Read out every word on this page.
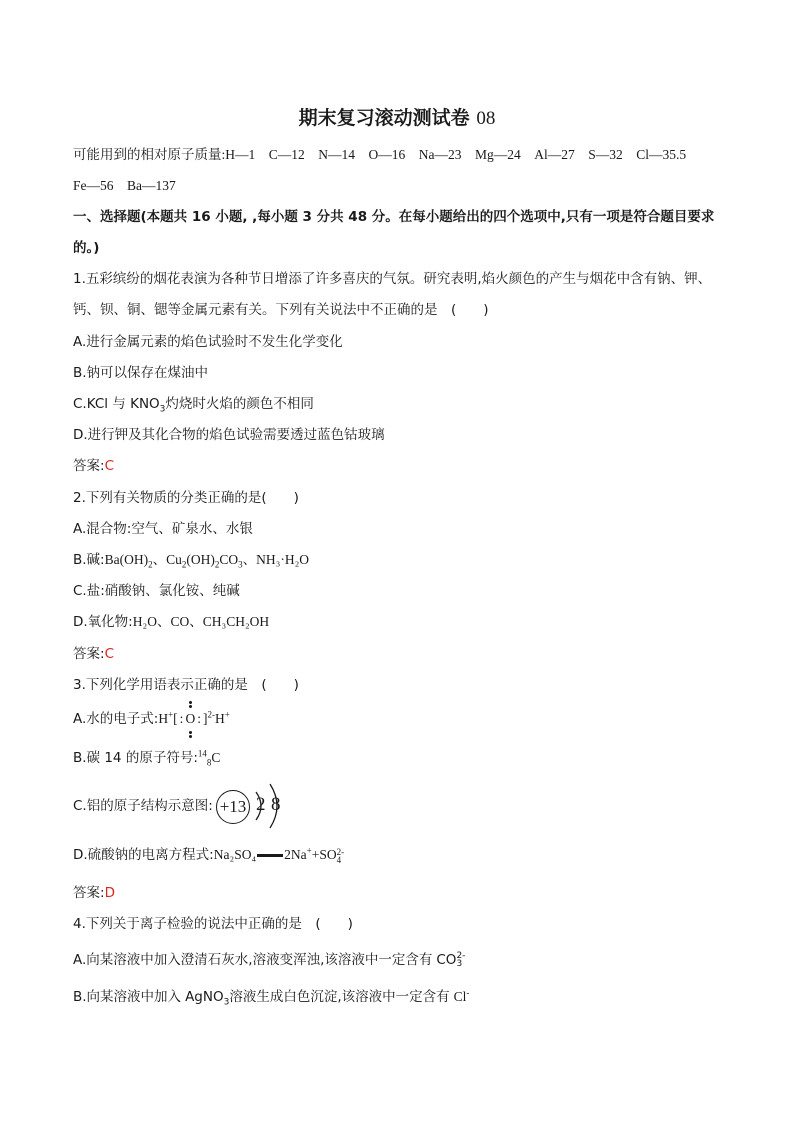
期末复习滚动测试卷 08
可能用到的相对原子质量:H—1　C—12　N—14　O—16　Na—23　Mg—24　Al—27　S—32　Cl—35.5
Fe—56　Ba—137
一、选择题(本题共 16 小题, ,每小题 3 分共 48 分。在每小题给出的四个选项中,只有一项是符合题目要求
的。)
1.五彩缤纷的烟花表演为各种节日增添了许多喜庆的气氛。研究表明,焰火颜色的产生与烟花中含有钠、钾、
钙、钡、铜、锶等金属元素有关。下列有关说法中不正确的是　(　　)
A.进行金属元素的焰色试验时不发生化学变化
B.钠可以保存在煤油中
C.KCl 与 $KNO_3$灼烧时火焰的颜色不相同
D.进行钾及其化合物的焰色试验需要透过蓝色钴玻璃
答案:C
2.下列有关物质的分类正确的是(　　)
A.混合物:空气、矿泉水、水银
B.碱$:Ba(OH)_2$、$Cu_2(OH)_2CO_3$、NH₃·H₂O
C.盐:硝酸钠、氯化铵、纯碱
D.氧化物:H₂O、CO、CH₃CH₂OH
答案:C
3.下列化学用语表示正确的是　(　　)
A.水的电子式:H+[ : O : ]$^{2-}$H+
B.碳 14 的原子符号:$^{14}_8$C
C.铝的原子结构示意图: +13 2 8
D.硫酸钠的电离方程式:Na₂SO₄ 2Na++SO2-
4
答案:D
4.下列关于离子检验的说法中正确的是　(　　)
A.向某溶液中加入澄清石灰水,溶液变浑浊,该溶液中一定含有 CO2-
3
B.向某溶液中加入 AgNO$_3$溶液生成白色沉淀,该溶液中一定含有 Cl-
